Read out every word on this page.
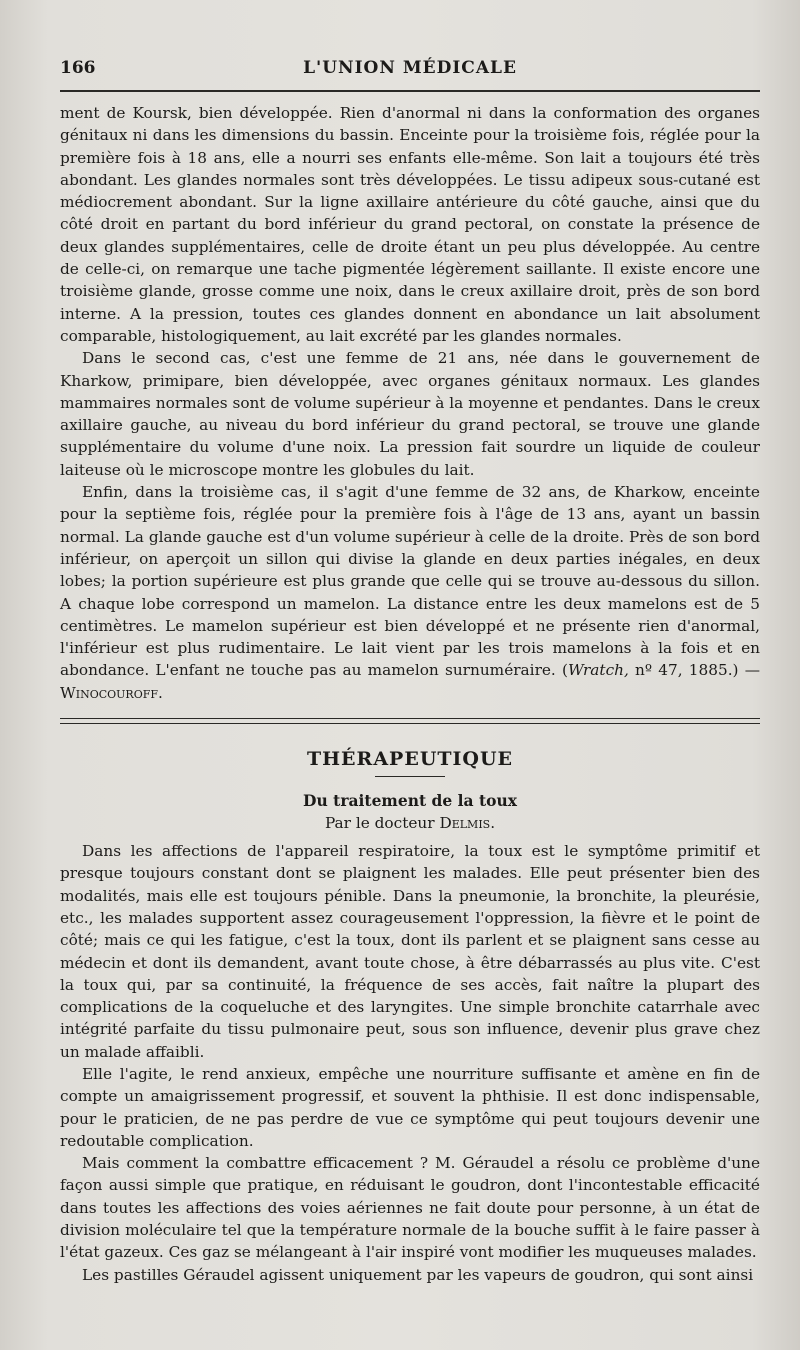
166	L'UNION MÉDICALE

ment de Koursk, bien développée. Rien d'anormal ni dans la conformation des organes génitaux ni dans les dimensions du bassin. Enceinte pour la troisième fois, réglée pour la première fois à 18 ans, elle a nourri ses enfants elle-même. Son lait a toujours été très abondant. Les glandes normales sont très développées. Le tissu adipeux sous-cutané est médiocrement abondant. Sur la ligne axillaire antérieure du côté gauche, ainsi que du côté droit en partant du bord inférieur du grand pectoral, on constate la présence de deux glandes supplémentaires, celle de droite étant un peu plus développée. Au centre de celle-ci, on remarque une tache pigmentée légèrement saillante. Il existe encore une troisième glande, grosse comme une noix, dans le creux axillaire droit, près de son bord interne. A la pression, toutes ces glandes donnent en abondance un lait absolument comparable, histologiquement, au lait excrété par les glandes normales.

Dans le second cas, c'est une femme de 21 ans, née dans le gouvernement de Kharkow, primipare, bien développée, avec organes génitaux normaux. Les glandes mammaires normales sont de volume supérieur à la moyenne et pendantes. Dans le creux axillaire gauche, au niveau du bord inférieur du grand pectoral, se trouve une glande supplémentaire du volume d'une noix. La pression fait sourdre un liquide de couleur laiteuse où le microscope montre les globules du lait.

Enfin, dans la troisième cas, il s'agit d'une femme de 32 ans, de Kharkow, enceinte pour la septième fois, réglée pour la première fois à l'âge de 13 ans, ayant un bassin normal. La glande gauche est d'un volume supérieur à celle de la droite. Près de son bord inférieur, on aperçoit un sillon qui divise la glande en deux parties inégales, en deux lobes; la portion supérieure est plus grande que celle qui se trouve au-dessous du sillon. A chaque lobe correspond un mamelon. La distance entre les deux mamelons est de 5 centimètres. Le mamelon supérieur est bien développé et ne présente rien d'anormal, l'inférieur est plus rudimentaire. Le lait vient par les trois mamelons à la fois et en abondance. L'enfant ne touche pas au mamelon surnuméraire. (Wratch, nº 47, 1885.) — Winocouroff.

THÉRAPEUTIQUE
Du traitement de la toux
Par le docteur Delmis.

Dans les affections de l'appareil respiratoire, la toux est le symptôme primitif et presque toujours constant dont se plaignent les malades. Elle peut présenter bien des modalités, mais elle est toujours pénible. Dans la pneumonie, la bronchite, la pleurésie, etc., les malades supportent assez courageusement l'oppression, la fièvre et le point de côté; mais ce qui les fatigue, c'est la toux, dont ils parlent et se plaignent sans cesse au médecin et dont ils demandent, avant toute chose, à être débarrassés au plus vite. C'est la toux qui, par sa continuité, la fréquence de ses accès, fait naître la plupart des complications de la coqueluche et des laryngites. Une simple bronchite catarrhale avec intégrité parfaite du tissu pulmonaire peut, sous son influence, devenir plus grave chez un malade affaibli.

Elle l'agite, le rend anxieux, empêche une nourriture suffisante et amène en fin de compte un amaigrissement progressif, et souvent la phthisie. Il est donc indispensable, pour le praticien, de ne pas perdre de vue ce symptôme qui peut toujours devenir une redoutable complication.

Mais comment la combattre efficacement ? M. Géraudel a résolu ce problème d'une façon aussi simple que pratique, en réduisant le goudron, dont l'incontestable efficacité dans toutes les affections des voies aériennes ne fait doute pour personne, à un état de division moléculaire tel que la température normale de la bouche suffit à le faire passer à l'état gazeux. Ces gaz se mélangeant à l'air inspiré vont modifier les muqueuses malades.

Les pastilles Géraudel agissent uniquement par les vapeurs de goudron, qui sont ainsi
